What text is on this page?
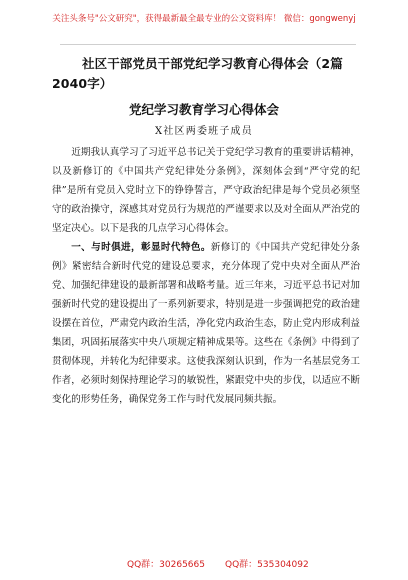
关注头条号"公文研究"，获得最新最全最专业的公文资料库！ 微信：gongwenyj
社区干部党员干部党纪学习教育心得体会（2篇2040字）
党纪学习教育学习心得体会
X社区两委班子成员

近期我认真学习了习近平总书记关于党纪学习教育的重要讲话精神，以及新修订的《中国共产党纪律处分条例》，深刻体会到“严守党的纪律”是所有党员入党时立下的铮铮誓言，严守政治纪律是每个党员必须坚守的政治操守，深感其对党员行为规范的严谨要求以及对全面从严治党的坚定决心。以下是我的几点学习心得体会。

一、与时俱进，彰显时代特色。新修订的《中国共产党纪律处分条例》紧密结合新时代党的建设总要求，充分体现了党中央对全面从严治党、加强纪律建设的最新部署和战略考量。近三年来，习近平总书记对加强新时代党的建设提出了一系列新要求，特别是进一步强调把党的政治建设摆在首位，严肃党内政治生活，净化党内政治生态，防止党内形成利益集团，巩固拓展落实中央八项规定精神成果等。这些在《条例》中得到了贯彻体现，并转化为纪律要求。这使我深刻认识到，作为一名基层党务工作者，必须时刻保持理论学习的敏锐性，紧跟党中央的步伐，以适应不断变化的形势任务，确保党务工作与时代发展同频共振。

QQ群：30265665 QQ群：535304092
